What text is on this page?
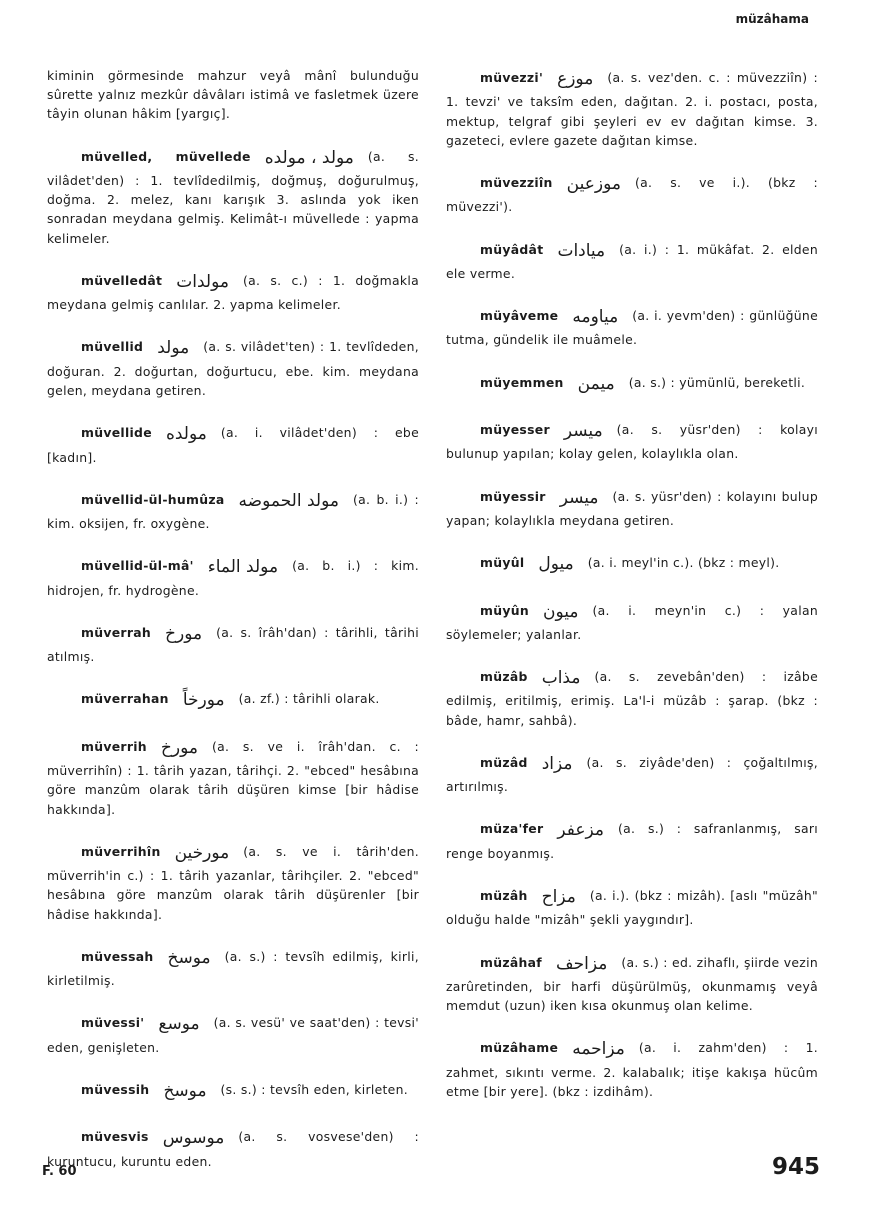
müzâhama

kiminin görmesinde mahzur veyâ mânî bulunduğu sûrette yalnız mezkûr dâvâları istimâ ve fasletmek üzere tâyin olunan hâkim [yargıç].

müvelled, müvellede مولد ، مولده (a. s. vilâdet'den) : 1. tevlîdedilmiş, doğmuş, doğurulmuş, doğma. 2. melez, kanı karışık 3. aslında yok iken sonradan meydana gelmiş. Kelimât-ı müvellede : yapma kelimeler.

müvelledât مولدات (a. s. c.) : 1. doğmakla meydana gelmiş canlılar. 2. yapma kelimeler.

müvellid مولد (a. s. vilâdet'ten) : 1. tevlîdeden, doğuran. 2. doğurtan, doğurtucu, ebe. kim. meydana gelen, meydana getiren.

müvellide مولده (a. i. vilâdet'den) : ebe [kadın].

müvellid-ül-humûza مولد الحموضه (a. b. i.) : kim. oksijen, fr. oxygène.

müvellid-ül-mâ' مولد الماء (a. b. i.) : kim. hidrojen, fr. hydrogène.

müverrah مورخ (a. s. îrâh'dan) : târihli, târihi atılmış.

müverrahan مورخاً (a. zf.) : târihli olarak.

müverrih مورخ (a. s. ve i. îrâh'dan. c. : müverrihîn) : 1. târih yazan, târihçi. 2. "ebced" hesâbına göre manzûm olarak târih düşüren kimse [bir hâdise hakkında].

müverrihîn مورخين (a. s. ve i. târih'den. müverrih'in c.) : 1. târih yazanlar, târihçiler. 2. "ebced" hesâbına göre manzûm olarak târih düşürenler [bir hâdise hakkında].

müvessah موسخ (a. s.) : tevsîh edilmiş, kirli, kirletilmiş.

müvessi' موسع (a. s. vesü' ve saat'den) : tevsi' eden, genişleten.

müvessih موسخ (s. s.) : tevsîh eden, kirleten.

müvesvis موسوس (a. s. vosvese'den) : kuruntucu, kuruntu eden.

müvezzi' موزع (a. s. vez'den. c. : müvezziîn) : 1. tevzi' ve taksîm eden, dağıtan. 2. i. postacı, posta, mektup, telgraf gibi şeyleri ev ev dağıtan kimse. 3. gazeteci, evlere gazete dağıtan kimse.

müvezziîn موزعين (a. s. ve i.). (bkz : müvezzi').

müyâdât ميادات (a. i.) : 1. mükâfat. 2. elden ele verme.

müyâveme مياومه (a. i. yevm'den) : günlüğüne tutma, gündelik ile muâmele.

müyemmen ميمن (a. s.) : yümünlü, bereketli.

müyesser ميسر (a. s. yüsr'den) : kolayı bulunup yapılan; kolay gelen, kolaylıkla olan.

müyessir ميسر (a. s. yüsr'den) : kolayını bulup yapan; kolaylıkla meydana getiren.

müyûl ميول (a. i. meyl'in c.). (bkz : meyl).

müyûn ميون (a. i. meyn'in c.) : yalan söylemeler; yalanlar.

müzâb مذاب (a. s. zevebân'den) : izâbe edilmiş, eritilmiş, erimiş. La'l-i müzâb : şarap. (bkz : bâde, hamr, sahbâ).

müzâd مزاد (a. s. ziyâde'den) : çoğaltılmış, artırılmış.

müza'fer مزعفر (a. s.) : safranlanmış, sarı renge boyanmış.

müzâh مزاح (a. i.). (bkz : mizâh). [aslı "müzâh" olduğu halde "mizâh" şekli yaygındır].

müzâhaf مزاحف (a. s.) : ed. zihaflı, şiirde vezin zarûretinden, bir harfi düşürülmüş, okunmamış veyâ memdut (uzun) iken kısa okunmuş olan kelime.

müzâhame مزاحمه (a. i. zahm'den) : 1. zahmet, sıkıntı verme. 2. kalabalık; itişe kakışa hücûm etme [bir yere]. (bkz : izdihâm).

F. 60	945
